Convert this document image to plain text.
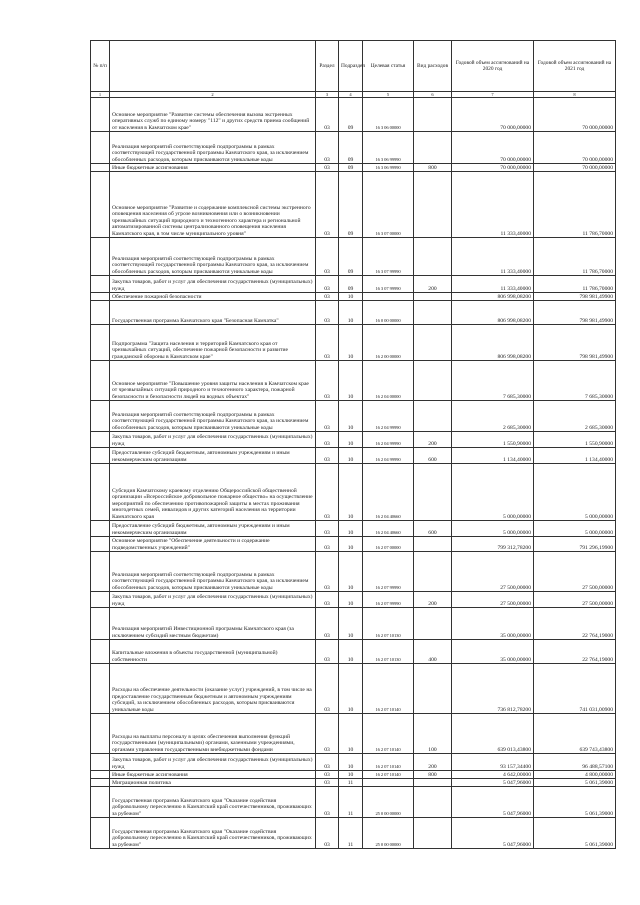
№ п/п		Раздел	Подраздел	Целевая статья	Вид расходов	Годовой объем ассигнований на 2020 год	Годовой объем ассигнований на 2021 год
1	2	3	4	5	6	7	8
	Основное мероприятие "Развитие системы обеспечения вызова экстренных оперативных служб по единому номеру "112" и других средств приема сообщений от населения в Камчатском крае"	03	09	16 3 06 00000		70 000,00000	70 000,00000
	Реализация мероприятий соответствующей подпрограммы в рамках соответствующей государственной программы Камчатского края, за исключением обособленных расходов, которым присваиваются уникальные коды	03	09	16 3 06 99990		70 000,00000	70 000,00000
	Иные бюджетные ассигнования	03	09	16 3 06 99990	800	70 000,00000	70 000,00000
	Основное мероприятие "Развитие и содержание комплексной системы экстренного оповещения населения об угрозе возникновения или о возникновении чрезвычайных ситуаций природного и техногенного характера и региональной автоматизированной системы централизованного оповещения населения Камчатского края, в том числе муниципального уровня"	03	09	16 3 07 00000		11 333,40000	11 786,70000
	Реализация мероприятий соответствующей подпрограммы в рамках соответствующей государственной программы Камчатского края, за исключением обособленных расходов, которым присваиваются уникальные коды	03	09	16 3 07 99990		11 333,40000	11 786,70000
	Закупка товаров, работ и услуг для обеспечения государственных (муниципальных) нужд	03	09	16 3 07 99990	200	11 333,40000	11 786,70000
	Обеспечение пожарной безопасности	03	10			806 998,08200	798 981,49900
	Государственная программа Камчатского края "Безопасная Камчатка"	03	10	16 0 00 00000		806 998,08200	798 981,49900
	Подпрограмма "Защита населения и территорий Камчатского края от чрезвычайных ситуаций, обеспечение пожарной безопасности и развитие гражданской обороны в Камчатском крае"	03	10	16 2 00 00000		806 998,08200	798 981,49900
	Основное мероприятие "Повышение уровня защиты населения в Камчатском крае от чрезвычайных ситуаций природного и техногенного характера, пожарной безопасности и безопасности людей на водных объектах"	03	10	16 2 04 00000		7 685,30000	7 685,30000
	Реализация мероприятий соответствующей подпрограммы в рамках соответствующей государственной программы Камчатского края, за исключением обособленных расходов, которым присваиваются уникальные коды	03	10	16 2 04 99990		2 685,30000	2 685,30000
	Закупка товаров, работ и услуг для обеспечения государственных (муниципальных) нужд	03	10	16 2 04 99990	200	1 550,90000	1 550,90000
	Предоставление субсидий бюджетным, автономным учреждениям и иным некоммерческим организациям	03	10	16 2 04 99990	600	1 134,40000	1 134,40000
	Субсидия Камчатскому краевому отделению Общероссийской общественной организации «Всероссийское добровольное пожарное общество» на осуществление мероприятий по обеспечению противопожарной защиты в местах проживания многодетных семей, инвалидов и других категорий населения на территории Камчатского края	03	10	16 2 04 40660		5 000,00000	5 000,00000
	Предоставление субсидий бюджетным, автономным учреждениям и иным некоммерческим организациям	03	10	16 2 04 40660	600	5 000,00000	5 000,00000
	Основное мероприятие "Обеспечение деятельности и содержание подведомственных учреждений"	03	10	16 2 07 00000		799 312,78200	791 296,19900
	Реализация мероприятий соответствующей подпрограммы в рамках соответствующей государственной программы Камчатского края, за исключением обособленных расходов, которым присваиваются уникальные коды	03	10	16 2 07 99990		27 500,00000	27 500,00000
	Закупка товаров, работ и услуг для обеспечения государственных (муниципальных) нужд	03	10	16 2 07 99990	200	27 500,00000	27 500,00000
	Реализация мероприятий Инвестиционной программы Камчатского края (за исключением субсидий местным бюджетам)	03	10	16 2 07 10130		35 000,00000	22 764,19000
	Капитальные вложения в объекты государственной (муниципальной) собственности	03	10	16 2 07 10130	400	35 000,00000	22 764,19000
	Расходы на обеспечение деятельности (оказание услуг) учреждений, в том числе на предоставление государственным бюджетным и автономным учреждениям субсидий, за исключением обособленных расходов, которым присваиваются уникальные коды	03	10	16 2 07 10140		736 812,78200	741 031,00900
	Расходы на выплаты персоналу в целях обеспечения выполнения функций государственными (муниципальными) органами, казенными учреждениями, органами управления государственными внебюджетными фондами	03	10	16 2 07 10140	100	639 013,43800	639 743,43800
	Закупка товаров, работ и услуг для обеспечения государственных (муниципальных) нужд	03	10	16 2 07 10140	200	93 157,34400	96 488,57100
	Иные бюджетные ассигнования	03	10	16 2 07 10140	800	4 642,00000	4 800,00000
	Миграционная политика	03	11			5 047,96000	5 061,39000
	Государственная программа Камчатского края "Оказание содействия добровольному переселению в Камчатский край соотечественников, проживающих за рубежом"	03	11	25 0 00 00000		5 047,96000	5 061,39000
	Государственная программа Камчатского края "Оказание содействия добровольному переселению в Камчатский край соотечественников, проживающих за рубежом"	03	11	25 0 00 00000		5 047,96000	5 061,39000
